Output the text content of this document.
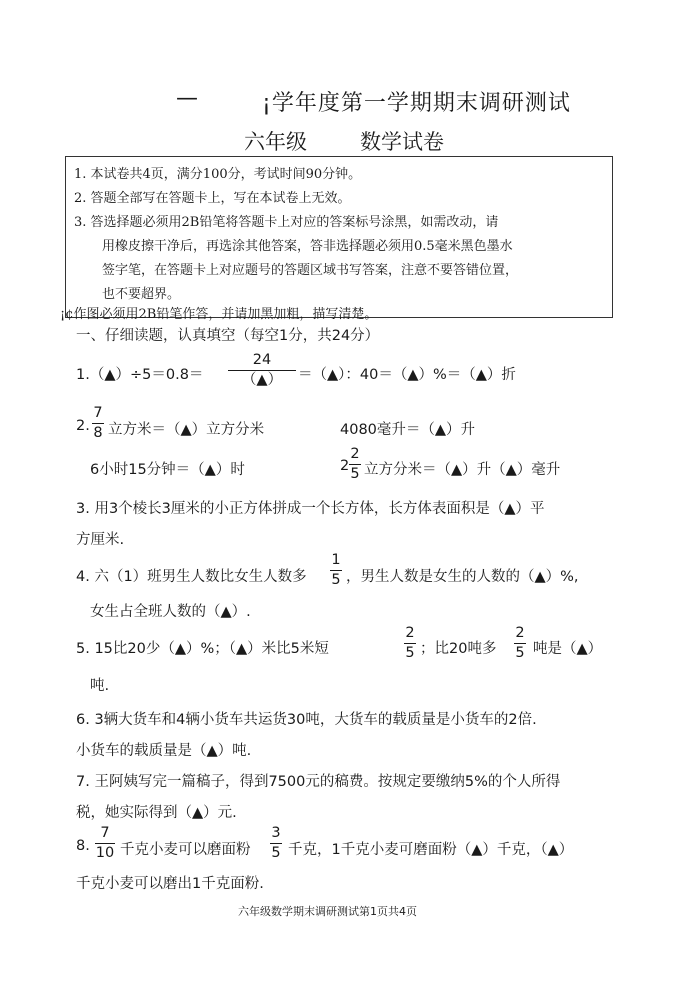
—	¡学年度第一学期期末调研测试
六年级	数学试卷
1. 本试卷共4页，满分100分，考试时间90分钟。
2. 答题全部写在答题卡上，写在本试卷上无效。
3. 答选择题必须用2B铅笔将答题卡上对应的答案标号涂黑，如需改动，请
用橡皮擦干净后，再选涂其他答案，答非选择题必须用0.5毫米黑色墨水
签字笔，在答题卡上对应题号的答题区域书写答案，注意不要答错位置，
也不要超界。
¡¢作图必须用2B铅笔作答，并请加黑加粗，描写清楚。
一、仔细读题，认真填空（每空1分，共24分）
1.（▲）÷5＝0.8＝
24
（▲）	＝（▲）：40＝（▲）%＝（▲）折
2.
7
8 立方米＝（▲）立方分米	4080毫升＝（▲）升
6小时15分钟＝（▲）时	2
2
5 立方分米＝（▲）升（▲）毫升
3. 用3个棱长3厘米的小正方体拼成一个长方体，长方体表面积是（▲）平
方厘米.
4. 六（1）班男生人数比女生人数多
1
5 ，男生人数是女生的人数的（▲）%,
女生占全班人数的（▲）.
5. 15比20少（▲）%；（▲）米比5米短
2
5 ；比20吨多
2
5 吨是（▲）
吨.
6. 3辆大货车和4辆小货车共运货30吨，大货车的载质量是小货车的2倍.
小货车的载质量是（▲）吨.
7. 王阿姨写完一篇稿子，得到7500元的稿费。按规定要缴纳5%的个人所得
税，她实际得到（▲）元.
8.
7
10 千克小麦可以磨面粉
3
5 千克，1千克小麦可磨面粉（▲）千克，（▲）
千克小麦可以磨出1千克面粉.
六年级数学期末调研测试第1页共4页
